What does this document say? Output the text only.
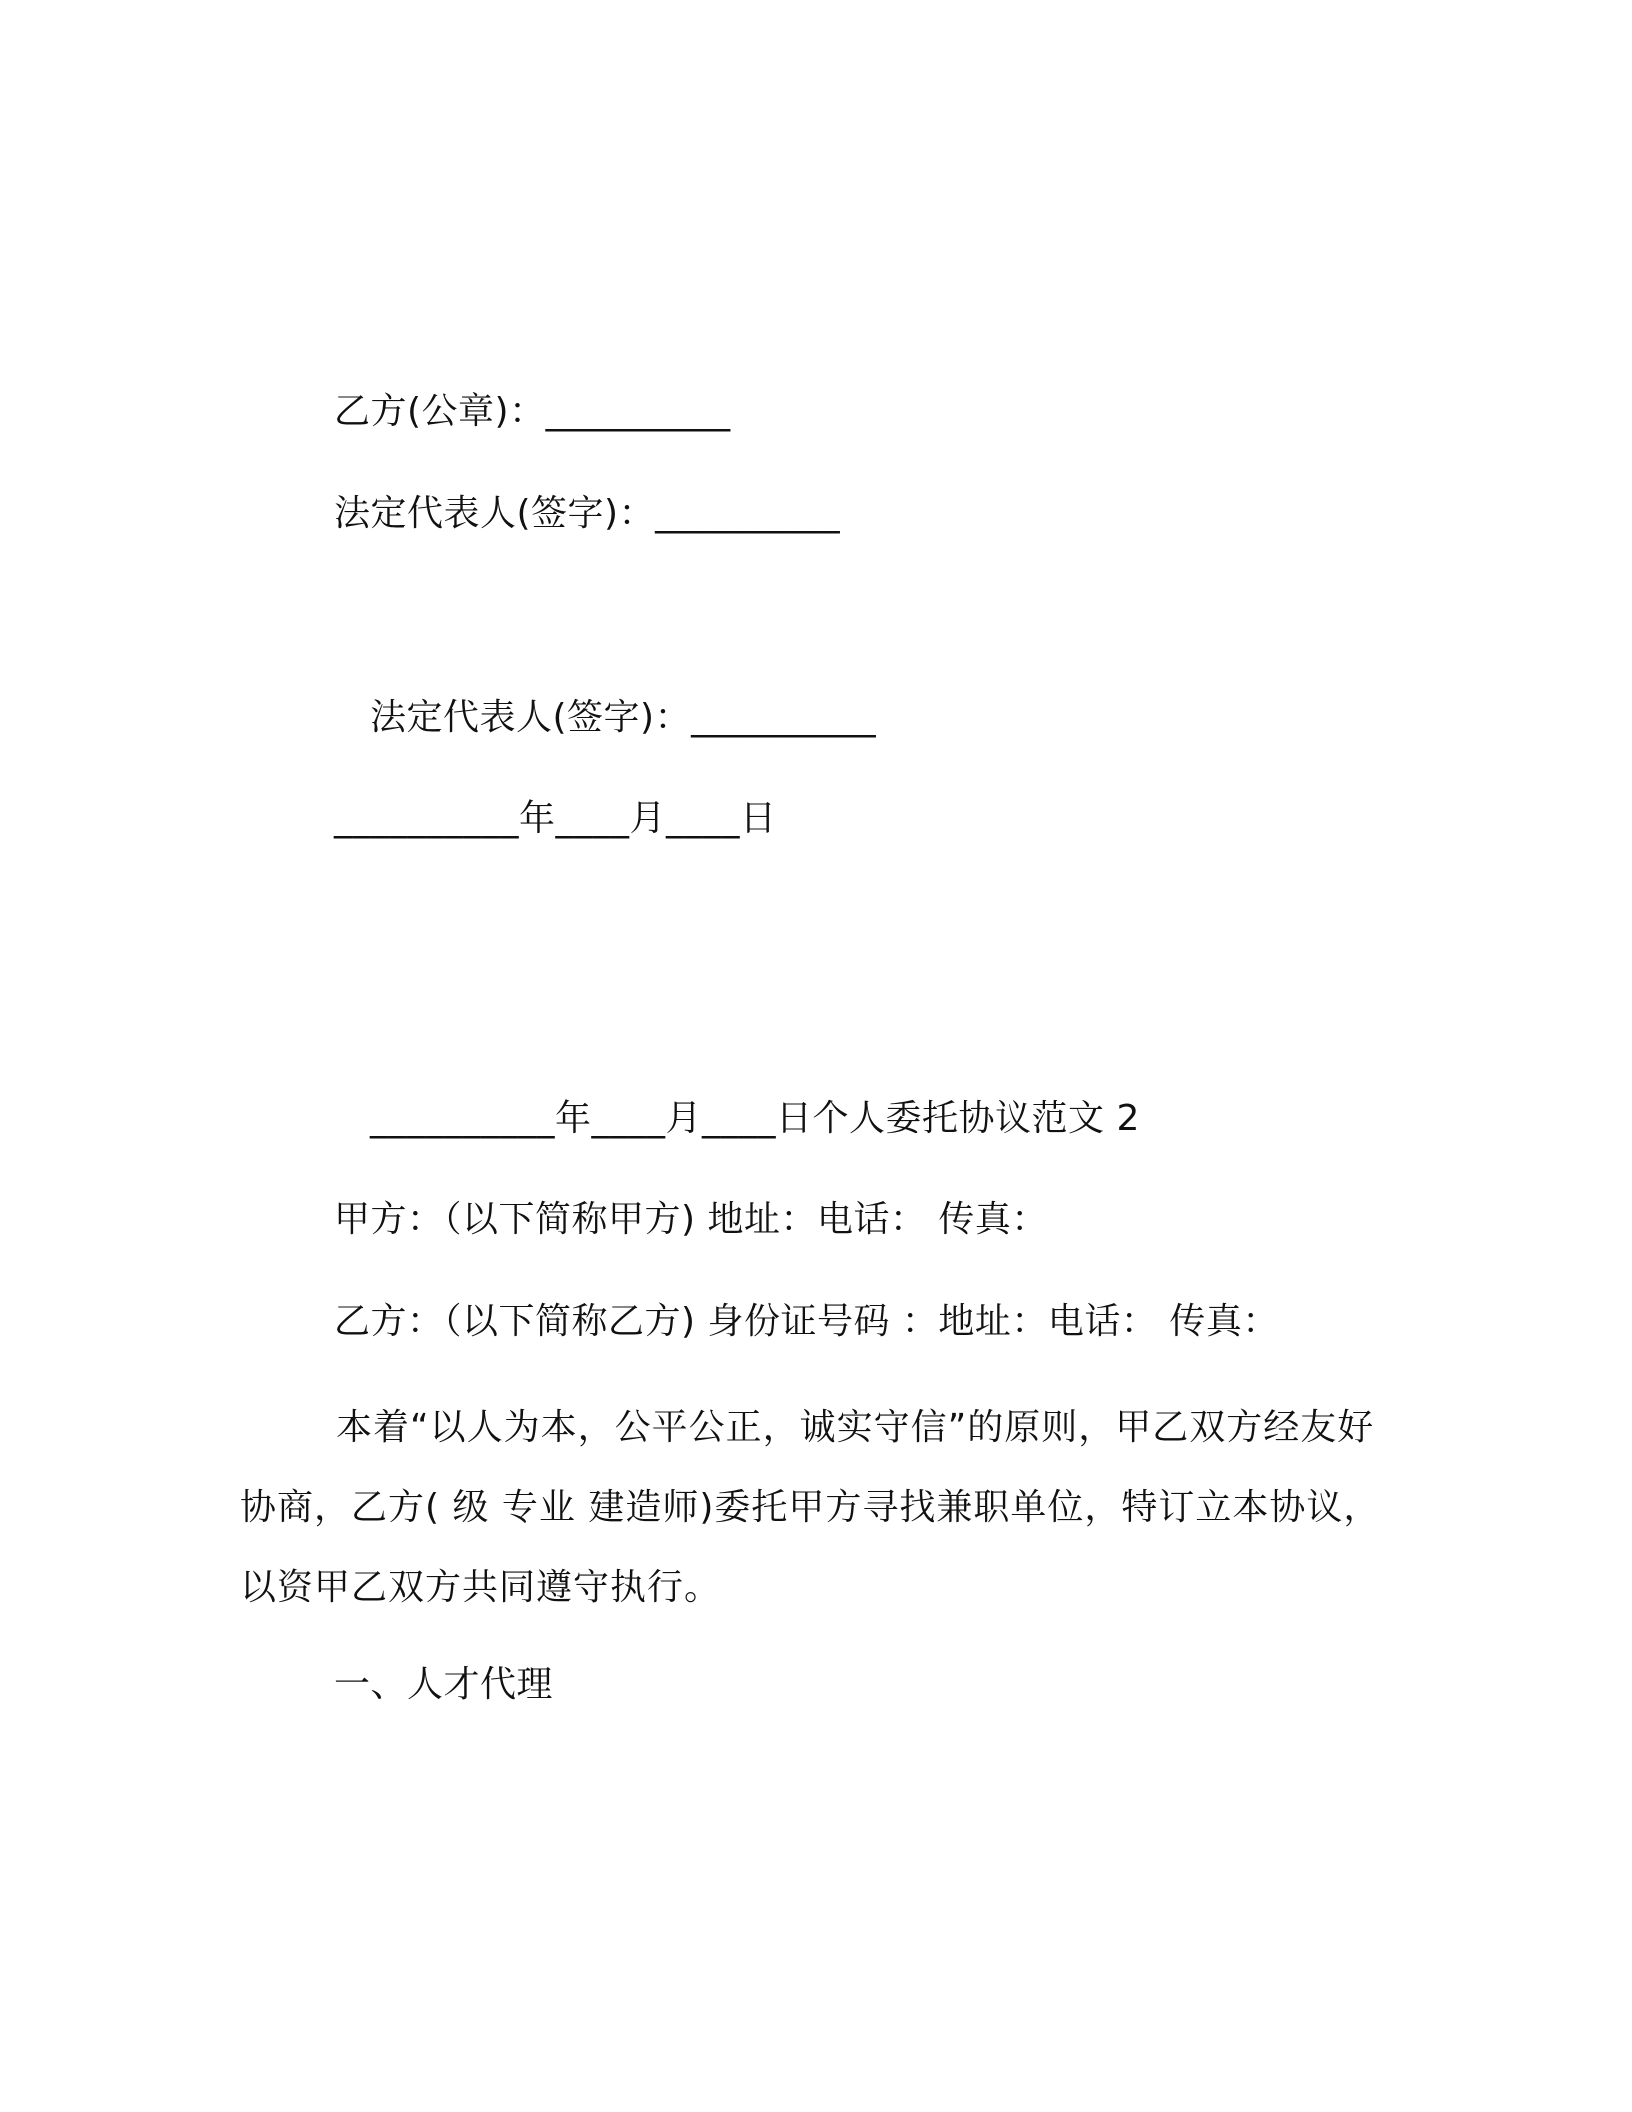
乙方(公章)：__________
法定代表人(签字)：__________
法定代表人(签字)：__________
__________年____月____日
__________年____月____日个人委托协议范文 2
甲方：（以下简称甲方) 地址：电话： 传真：
乙方：（以下简称乙方) 身份证号码 ：地址：电话： 传真：
本着“以人为本，公平公正，诚实守信”的原则，甲乙双方经友好协商，乙方( 级 专业 建造师)委托甲方寻找兼职单位，特订立本协议，以资甲乙双方共同遵守执行。
一、人才代理
